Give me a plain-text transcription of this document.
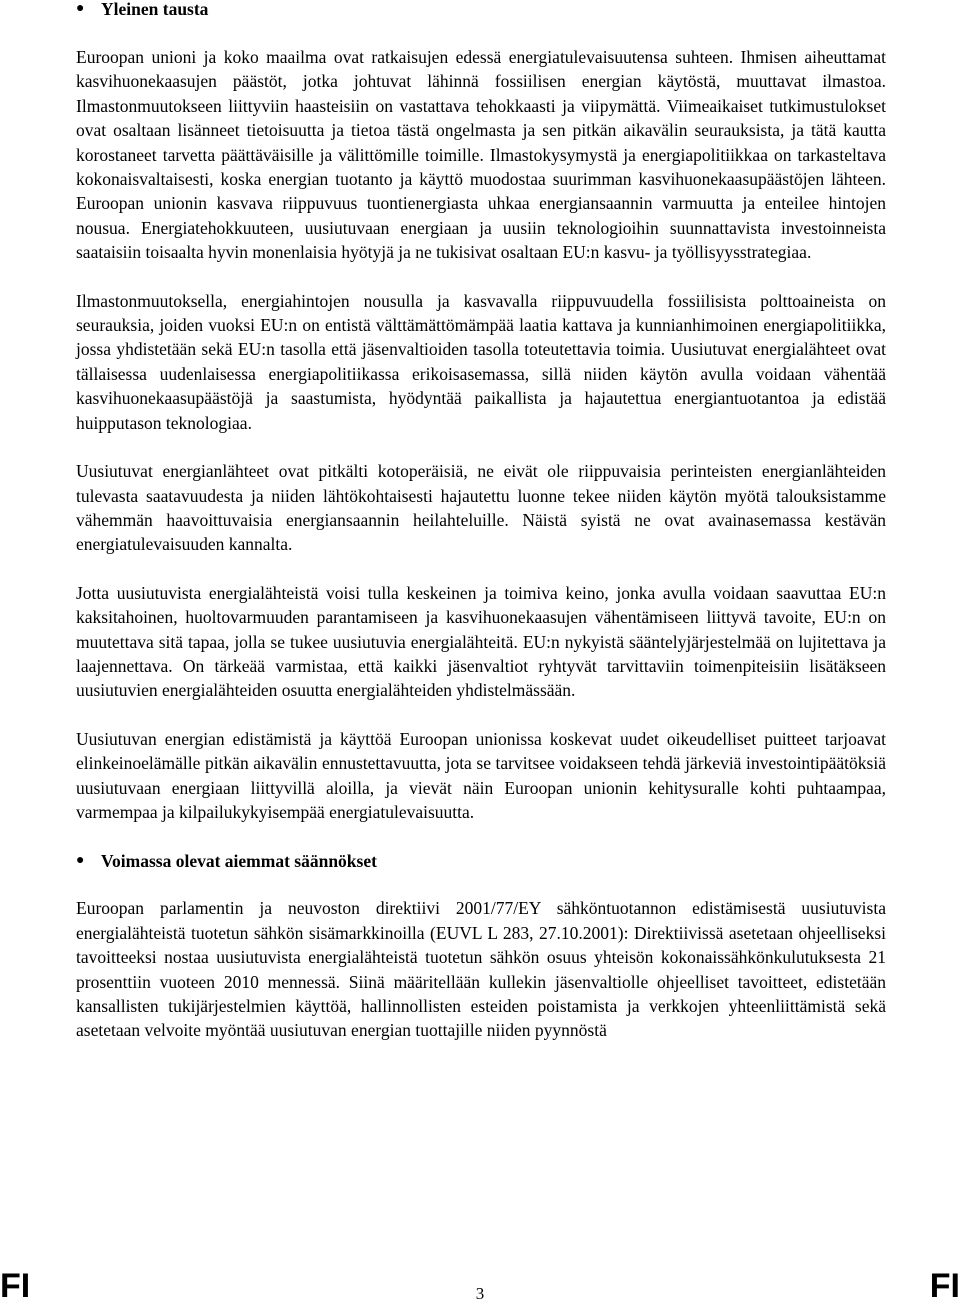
● Yleinen tausta

Euroopan unioni ja koko maailma ovat ratkaisujen edessä energiatulevaisuutensa suhteen. Ihmisen aiheuttamat kasvihuonekaasujen päästöt, jotka johtuvat lähinnä fossiilisen energian käytöstä, muuttavat ilmastoa. Ilmastonmuutokseen liittyviin haasteisiin on vastattava tehokkaasti ja viipymättä. Viimeaikaiset tutkimustulokset ovat osaltaan lisänneet tietoisuutta ja tietoa tästä ongelmasta ja sen pitkän aikavälin seurauksista, ja tätä kautta korostaneet tarvetta päättäväisille ja välittömille toimille. Ilmastokysymystä ja energiapolitiikkaa on tarkasteltava kokonaisvaltaisesti, koska energian tuotanto ja käyttö muodostaa suurimman kasvihuonekaasupäästöjen lähteen. Euroopan unionin kasvava riippuvuus tuontienergiasta uhkaa energiansaannin varmuutta ja enteilee hintojen nousua. Energiatehokkuuteen, uusiutuvaan energiaan ja uusiin teknologioihin suunnattavista investoinneista saataisiin toisaalta hyvin monenlaisia hyötyjä ja ne tukisivat osaltaan EU:n kasvu- ja työllisyysstrategiaa.

Ilmastonmuutoksella, energiahintojen nousulla ja kasvavalla riippuvuudella fossiilisista polttoaineista on seurauksia, joiden vuoksi EU:n on entistä välttämättömämpää laatia kattava ja kunnianhimoinen energiapolitiikka, jossa yhdistetään sekä EU:n tasolla että jäsenvaltioiden tasolla toteutettavia toimia. Uusiutuvat energialähteet ovat tällaisessa uudenlaisessa energiapolitiikassa erikoisasemassa, sillä niiden käytön avulla voidaan vähentää kasvihuonekaasupäästöjä ja saastumista, hyödyntää paikallista ja hajautettua energiantuotantoa ja edistää huipputason teknologiaa.

Uusiutuvat energianlähteet ovat pitkälti kotoperäisiä, ne eivät ole riippuvaisia perinteisten energianlähteiden tulevasta saatavuudesta ja niiden lähtökohtaisesti hajautettu luonne tekee niiden käytön myötä talouksistamme vähemmän haavoittuvaisia energiansaannin heilahteluille. Näistä syistä ne ovat avainasemassa kestävän energiatulevaisuuden kannalta.

Jotta uusiutuvista energialähteistä voisi tulla keskeinen ja toimiva keino, jonka avulla voidaan saavuttaa EU:n kaksitahoinen, huoltovarmuuden parantamiseen ja kasvihuonekaasujen vähentämiseen liittyvä tavoite, EU:n on muutettava sitä tapaa, jolla se tukee uusiutuvia energialähteitä. EU:n nykyistä sääntelyjärjestelmää on lujitettava ja laajennettava. On tärkeää varmistaa, että kaikki jäsenvaltiot ryhtyvät tarvittaviin toimenpiteisiin lisätäkseen uusiutuvien energialähteiden osuutta energialähteiden yhdistelmässään.

Uusiutuvan energian edistämistä ja käyttöä Euroopan unionissa koskevat uudet oikeudelliset puitteet tarjoavat elinkeinoelämälle pitkän aikavälin ennustettavuutta, jota se tarvitsee voidakseen tehdä järkeviä investointipäätöksiä uusiutuvaan energiaan liittyvillä aloilla, ja vievät näin Euroopan unionin kehitysuralle kohti puhtaampaa, varmempaa ja kilpailukykyisempää energiatulevaisuutta.

● Voimassa olevat aiemmat säännökset

Euroopan parlamentin ja neuvoston direktiivi 2001/77/EY sähköntuotannon edistämisestä uusiutuvista energialähteistä tuotetun sähkön sisämarkkinoilla (EUVL L 283, 27.10.2001): Direktiivissä asetetaan ohjeelliseksi tavoitteeksi nostaa uusiutuvista energialähteistä tuotetun sähkön osuus yhteisön kokonaissähkönkulutuksesta 21 prosenttiin vuoteen 2010 mennessä. Siinä määritellään kullekin jäsenvaltiolle ohjeelliset tavoitteet, edistetään kansallisten tukijärjestelmien käyttöä, hallinnollisten esteiden poistamista ja verkkojen yhteenliittämistä sekä asetetaan velvoite myöntää uusiutuvan energian tuottajille niiden pyynnöstä

FI	3	FI
